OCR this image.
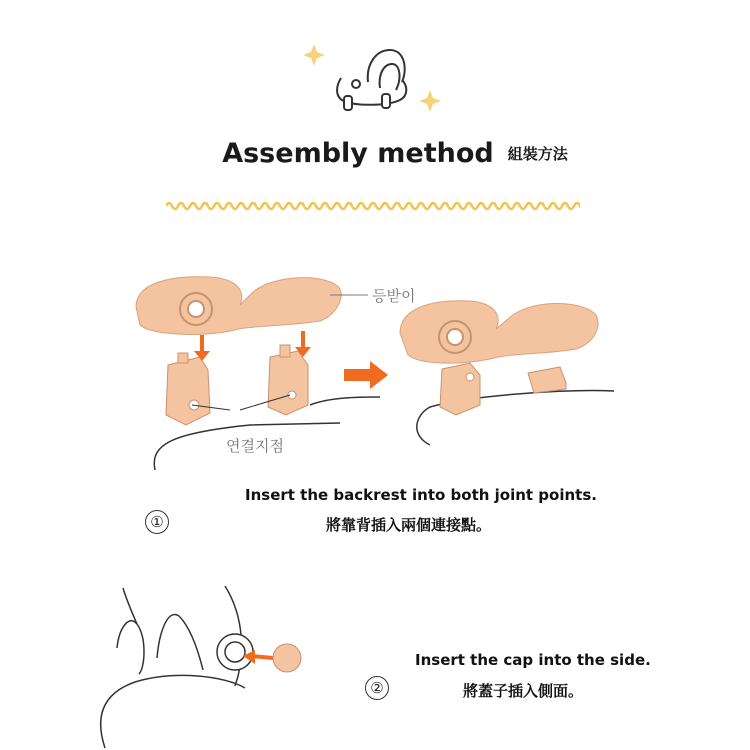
Assembly method $^{組裝方法}$
등받이
연결지점
Insert the backrest into both joint points.
①	將靠背插入兩個連接點。
Insert the cap into the side.
②	將蓋子插入側面。
